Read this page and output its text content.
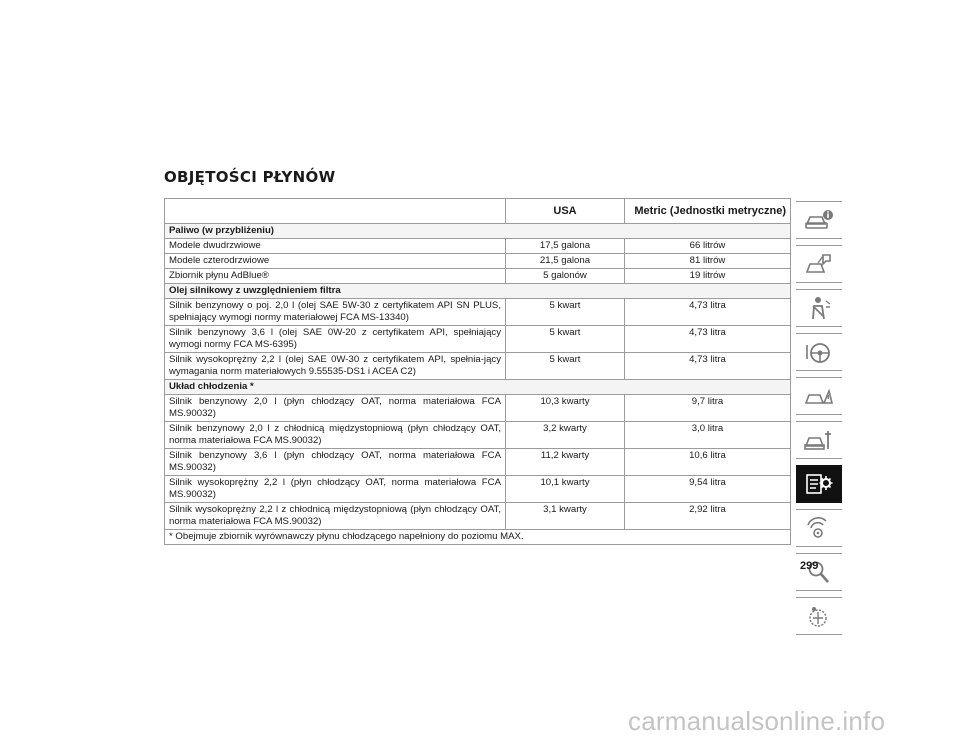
OBJĘTOŚCI PŁYNÓW
	USA	Metric (Jednostki metryczne)
Paliwo (w przybliżeniu)		
Modele dwudrzwiowe	17,5 galona	66 litrów
Modele czterodrzwiowe	21,5 galona	81 litrów
Zbiornik płynu AdBlue®	5 galonów	19 litrów
Olej silnikowy z uwzględnieniem filtra		
Silnik benzynowy o poj. 2,0 l (olej SAE 5W-30 z certyfikatem API SN PLUS, spełniający wymogi normy materiałowej FCA MS-13340)	5 kwart	4,73 litra
Silnik benzynowy 3,6 l (olej SAE 0W-20 z certyfikatem API, spełniający wymogi normy FCA MS-6395)	5 kwart	4,73 litra
Silnik wysokoprężny 2,2 l (olej SAE 0W-30 z certyfikatem API, spełnia-jący wymagania norm materiałowych 9.55535-DS1 i ACEA C2)	5 kwart	4,73 litra
Układ chłodzenia *		
Silnik benzynowy 2,0 l (płyn chłodzący OAT, norma materiałowa FCA MS.90032)	10,3 kwarty	9,7 litra
Silnik benzynowy 2,0 l z chłodnicą międzystopniową (płyn chłodzący OAT, norma materiałowa FCA MS.90032)	3,2 kwarty	3,0 litra
Silnik benzynowy 3,6 l (płyn chłodzący OAT, norma materiałowa FCA MS.90032)	11,2 kwarty	10,6 litra
Silnik wysokoprężny 2,2 l (płyn chłodzący OAT, norma materiałowa FCA MS.90032)	10,1 kwarty	9,54 litra
Silnik wysokoprężny 2,2 l z chłodnicą międzystopniową (płyn chłodzący OAT, norma materiałowa FCA MS.90032)	3,1 kwarty	2,92 litra
* Obejmuje zbiornik wyrównawczy płynu chłodzącego napełniony do poziomu MAX.		
299
carmanualsonline.info
